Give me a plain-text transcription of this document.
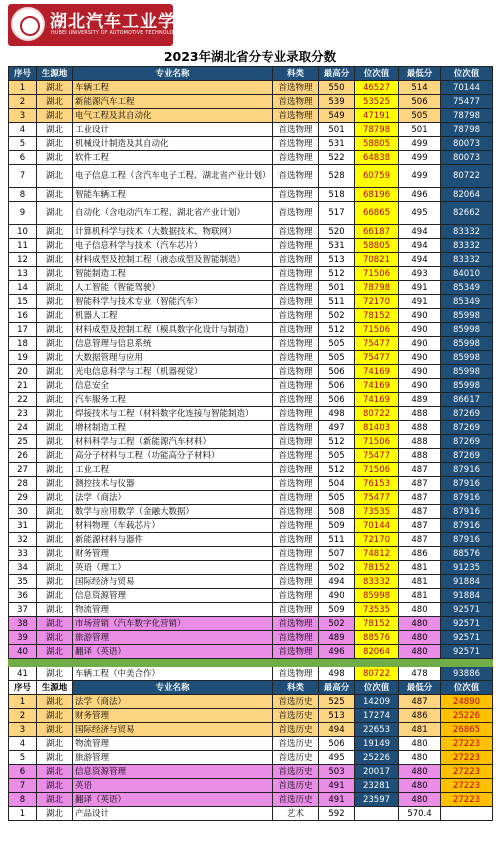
湖北汽车工业学院
HUBEI UNIVERSITY OF AUTOMOTIVE TECHNOLOGY
2023年湖北省分专业录取分数
序号	生源地	专业名称	科类	最高分	位次值	最低分	位次值
1	湖北	车辆工程	首选物理	550	46527	514	70144
2	湖北	新能源汽车工程	首选物理	539	53525	506	75477
3	湖北	电气工程及其自动化	首选物理	549	47191	505	78798
4	湖北	工业设计	首选物理	501	78798	501	78798
5	湖北	机械设计制造及其自动化	首选物理	531	58805	499	80073
6	湖北	软件工程	首选物理	522	64838	499	80073
7	湖北	电子信息工程（含汽车电子工程、湖北省产业计划）	首选物理	528	60759	499	80722
8	湖北	智能车辆工程	首选物理	518	68196	496	82064
9	湖北	自动化（含电动汽车工程、湖北省产业计划）	首选物理	517	66865	495	82662
10	湖北	计算机科学与技术（大数据技术、物联网）	首选物理	520	66187	494	83332
11	湖北	电子信息科学与技术（汽车芯片）	首选物理	531	58805	494	83332
12	湖北	材料成型及控制工程（液态成型及智能制造）	首选物理	513	70821	494	83332
13	湖北	智能制造工程	首选物理	512	71506	493	84010
14	湖北	人工智能（智能驾驶）	首选物理	501	78798	491	85349
15	湖北	智能科学与技术专业（智能汽车）	首选物理	511	72170	491	85349
16	湖北	机器人工程	首选物理	502	78152	490	85998
17	湖北	材料成型及控制工程（模具数字化设计与制造）	首选物理	512	71506	490	85998
18	湖北	信息管理与信息系统	首选物理	505	75477	490	85998
19	湖北	大数据管理与应用	首选物理	505	75477	490	85998
20	湖北	光电信息科学与工程（机器视觉）	首选物理	506	74169	490	85998
21	湖北	信息安全	首选物理	506	74169	490	85998
22	湖北	汽车服务工程	首选物理	506	74169	489	86617
23	湖北	焊接技术与工程（材料数字化连接与智能制造）	首选物理	498	80722	488	87269
24	湖北	增材制造工程	首选物理	497	81403	488	87269
25	湖北	材料科学与工程（新能源汽车材料）	首选物理	512	71506	488	87269
26	湖北	高分子材料与工程（功能高分子材料）	首选物理	505	75477	488	87269
27	湖北	工业工程	首选物理	512	71506	487	87916
28	湖北	测控技术与仪器	首选物理	504	76153	487	87916
29	湖北	法学（商法）	首选物理	505	75477	487	87916
30	湖北	数学与应用数学（金融大数据）	首选物理	508	73535	487	87916
31	湖北	材料物理（车载芯片）	首选物理	509	70144	487	87916
32	湖北	新能源材料与器件	首选物理	511	72170	487	87916
33	湖北	财务管理	首选物理	507	74812	486	88576
34	湖北	英语（理工）	首选物理	502	78152	481	91235
35	湖北	国际经济与贸易	首选物理	494	83332	481	91884
36	湖北	信息资源管理	首选物理	490	85998	481	91884
37	湖北	物流管理	首选物理	509	73535	480	92571
38	湖北	市场营销（汽车数字化营销）	首选物理	502	78152	480	92571
39	湖北	旅游管理	首选物理	489	88576	480	92571
40	湖北	翻译（英语）	首选物理	496	82064	480	92571

41	湖北	车辆工程（中美合作）	首选物理	498	80722	478	93886
序号	生源地	专业名称	科类	最高分	位次值	最低分	位次值
1	湖北	法学（商法）	首选历史	525	14209	487	24890
2	湖北	财务管理	首选历史	513	17274	486	25226
3	湖北	国际经济与贸易	首选历史	494	22653	481	26865
4	湖北	物流管理	首选历史	506	19149	480	27223
5	湖北	旅游管理	首选历史	495	25226	480	27223
6	湖北	信息资源管理	首选历史	503	20017	480	27223
7	湖北	英语	首选历史	491	23281	480	27223
8	湖北	翻译（英语）	首选历史	491	23597	480	27223
1	湖北	产品设计	艺术	592		570.4	
